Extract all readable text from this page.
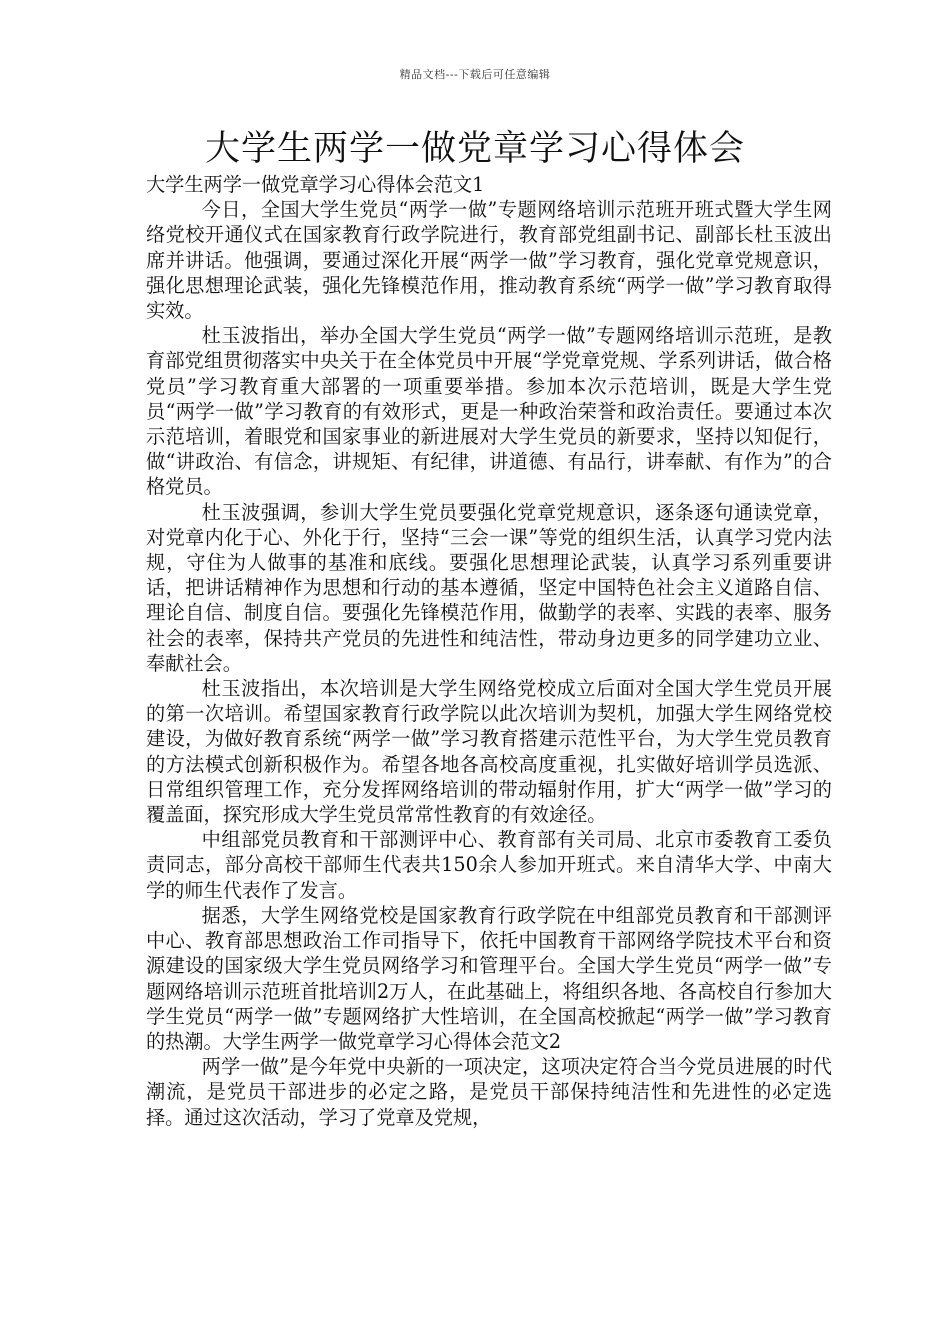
精品文档---下载后可任意编辑
大学生两学一做党章学习心得体会

大学生两学一做党章学习心得体会范文1

今日，全国大学生党员“两学一做”专题网络培训示范班开班式暨大学生网络党校开通仪式在国家教育行政学院进行，教育部党组副书记、副部长杜玉波出席并讲话。他强调，要通过深化开展“两学一做”学习教育，强化党章党规意识，强化思想理论武装，强化先锋模范作用，推动教育系统“两学一做”学习教育取得实效。

杜玉波指出，举办全国大学生党员“两学一做”专题网络培训示范班，是教育部党组贯彻落实中央关于在全体党员中开展“学党章党规、学系列讲话，做合格党员”学习教育重大部署的一项重要举措。参加本次示范培训，既是大学生党员“两学一做”学习教育的有效形式，更是一种政治荣誉和政治责任。要通过本次示范培训，着眼党和国家事业的新进展对大学生党员的新要求，坚持以知促行，做“讲政治、有信念，讲规矩、有纪律，讲道德、有品行，讲奉献、有作为”的合格党员。

杜玉波强调，参训大学生党员要强化党章党规意识，逐条逐句通读党章，对党章内化于心、外化于行，坚持“三会一课”等党的组织生活，认真学习党内法规，守住为人做事的基准和底线。要强化思想理论武装，认真学习系列重要讲话，把讲话精神作为思想和行动的基本遵循，坚定中国特色社会主义道路自信、理论自信、制度自信。要强化先锋模范作用，做勤学的表率、实践的表率、服务社会的表率，保持共产党员的先进性和纯洁性，带动身边更多的同学建功立业、奉献社会。

杜玉波指出，本次培训是大学生网络党校成立后面对全国大学生党员开展的第一次培训。希望国家教育行政学院以此次培训为契机，加强大学生网络党校建设，为做好教育系统“两学一做”学习教育搭建示范性平台，为大学生党员教育的方法模式创新积极作为。希望各地各高校高度重视，扎实做好培训学员选派、日常组织管理工作，充分发挥网络培训的带动辐射作用，扩大“两学一做”学习的覆盖面，探究形成大学生党员常常性教育的有效途径。

中组部党员教育和干部测评中心、教育部有关司局、北京市委教育工委负责同志，部分高校干部师生代表共150余人参加开班式。来自清华大学、中南大学的师生代表作了发言。

据悉，大学生网络党校是国家教育行政学院在中组部党员教育和干部测评中心、教育部思想政治工作司指导下，依托中国教育干部网络学院技术平台和资源建设的国家级大学生党员网络学习和管理平台。全国大学生党员“两学一做”专题网络培训示范班首批培训2万人，在此基础上，将组织各地、各高校自行参加大学生党员“两学一做”专题网络扩大性培训，在全国高校掀起“两学一做”学习教育的热潮。大学生两学一做党章学习心得体会范文2

两学一做”是今年党中央新的一项决定，这项决定符合当今党员进展的时代潮流，是党员干部进步的必定之路，是党员干部保持纯洁性和先进性的必定选择。通过这次活动，学习了党章及党规，
